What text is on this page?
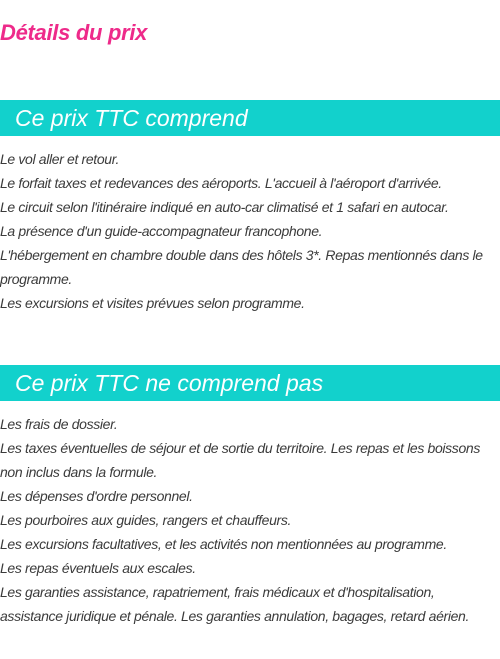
Détails du prix
Ce prix TTC comprend
Le vol aller et retour.
Le forfait taxes et redevances des aéroports. L'accueil à l'aéroport d'arrivée.
Le circuit selon l'itinéraire indiqué en auto-car climatisé et 1 safari en autocar.
La présence d'un guide-accompagnateur francophone.
L'hébergement en chambre double dans des hôtels 3*. Repas mentionnés dans le programme.
Les excursions et visites prévues selon programme.
Ce prix TTC ne comprend pas
Les frais de dossier.
Les taxes éventuelles de séjour et de sortie du territoire. Les repas et les boissons non inclus dans la formule.
Les dépenses d'ordre personnel.
Les pourboires aux guides, rangers et chauffeurs.
Les excursions facultatives, et les activités non mentionnées au programme.
Les repas éventuels aux escales.
Les garanties assistance, rapatriement, frais médicaux et d'hospitalisation, assistance juridique et pénale. Les garanties annulation, bagages, retard aérien.
